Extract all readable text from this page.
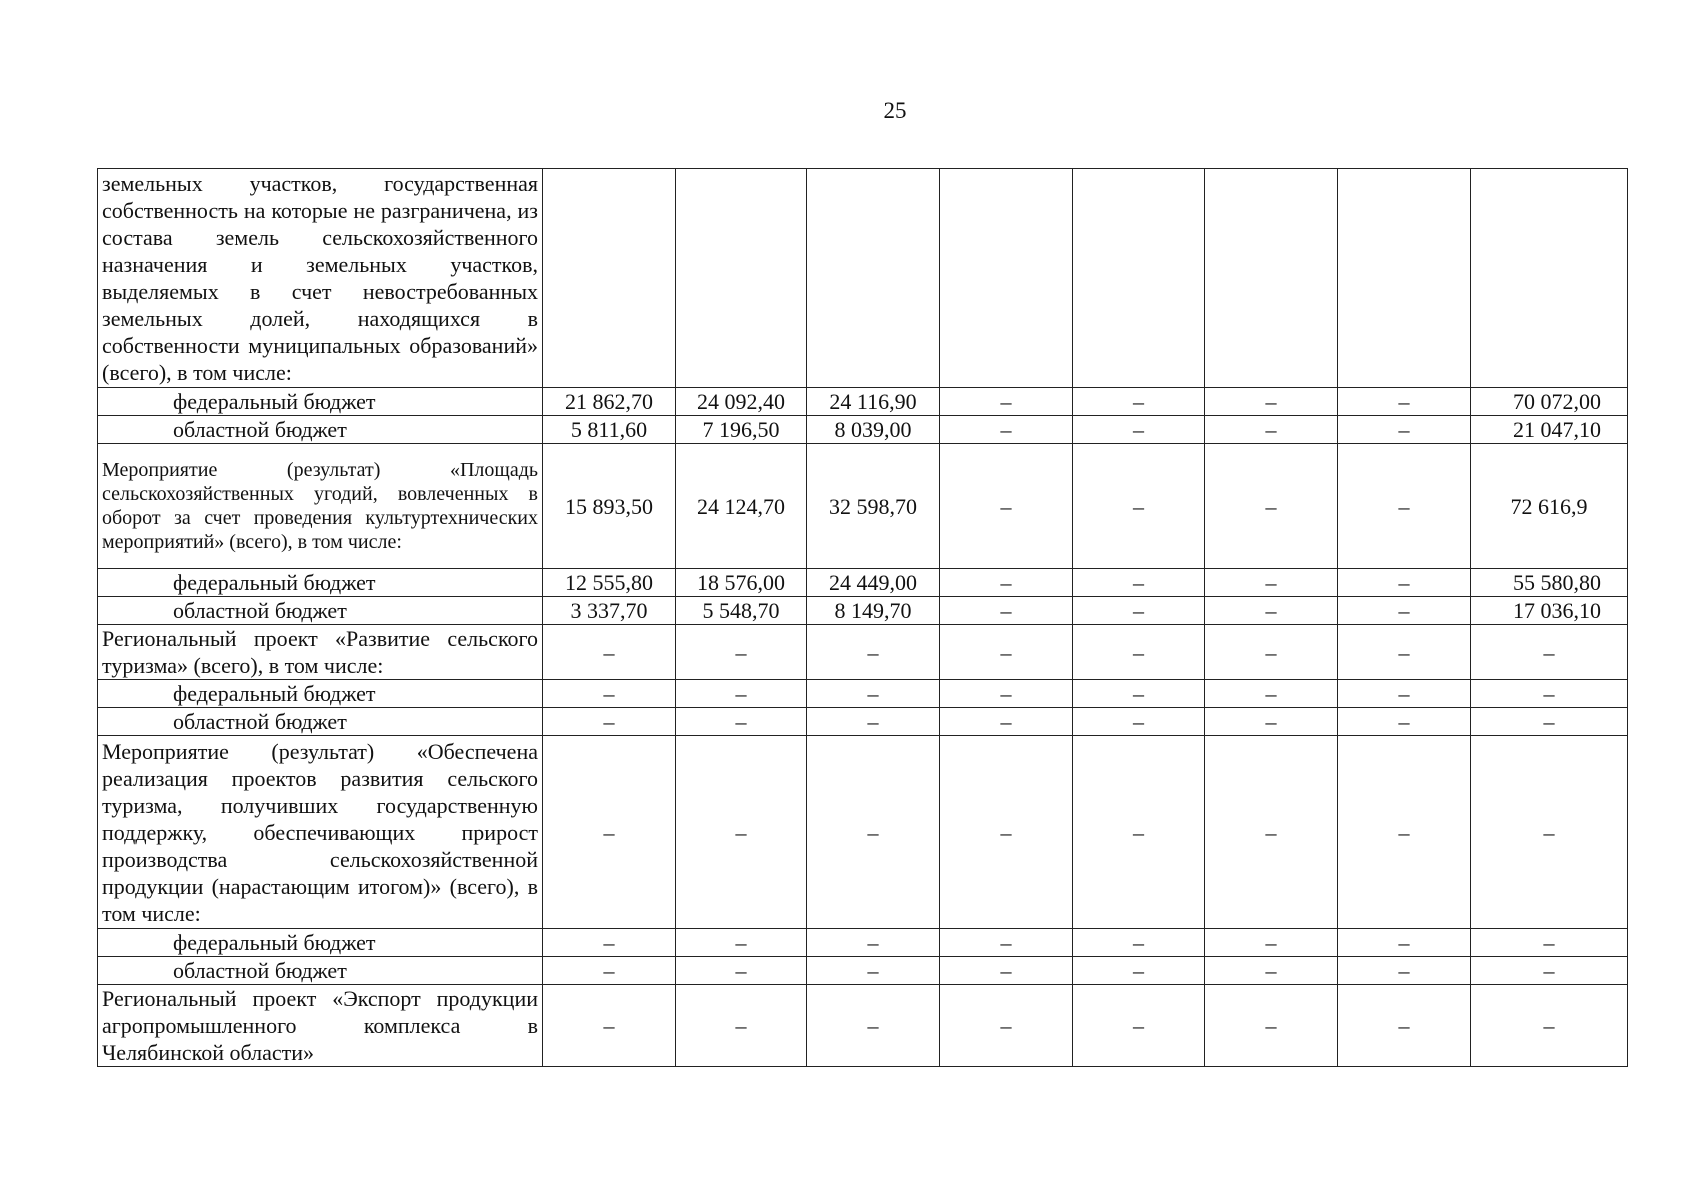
25
земельных участков, государственная собственность на которые не разграничена, из состава земель сельскохозяйственного назначения и земельных участков, выделяемых в счет невостребованных земельных долей, находящихся в собственности муниципальных образований» (всего), в том числе:								
федеральный бюджет	21 862,70	24 092,40	24 116,90	–	–	–	–	70 072,00
областной бюджет	5 811,60	7 196,50	8 039,00	–	–	–	–	21 047,10
Мероприятие (результат) «Площадь сельскохозяйственных угодий, вовлеченных в оборот за счет проведения культуртехнических мероприятий» (всего), в том числе:	15 893,50	24 124,70	32 598,70	–	–	–	–	72 616,9
федеральный бюджет	12 555,80	18 576,00	24 449,00	–	–	–	–	55 580,80
областной бюджет	3 337,70	5 548,70	8 149,70	–	–	–	–	17 036,10
Региональный проект «Развитие сельского туризма» (всего), в том числе:	–	–	–	–	–	–	–	–
федеральный бюджет	–	–	–	–	–	–	–	–
областной бюджет	–	–	–	–	–	–	–	–
Мероприятие (результат) «Обеспечена реализация проектов развития сельского туризма, получивших государственную поддержку, обеспечивающих прирост производства сельскохозяйственной продукции (нарастающим итогом)» (всего), в том числе:	–	–	–	–	–	–	–	–
федеральный бюджет	–	–	–	–	–	–	–	–
областной бюджет	–	–	–	–	–	–	–	–
Региональный проект «Экспорт продукции агропромышленного комплекса в Челябинской области»	–	–	–	–	–	–	–	–
